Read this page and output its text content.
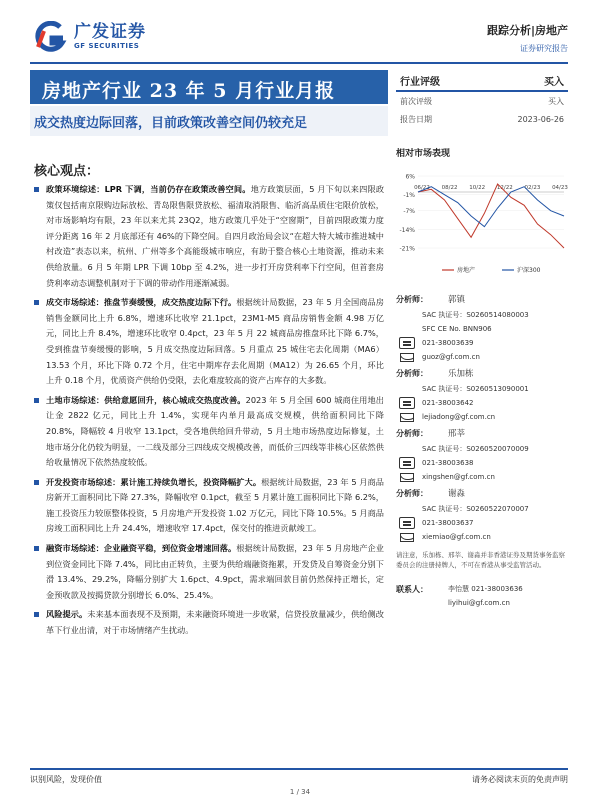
广发证券
GF SECURITIES
跟踪分析|房地产
证券研究报告
房地产行业 23 年 5 月行业月报
成交热度边际回落，目前政策改善空间仍较充足
行业评级	买入
前次评级	买入
报告日期	2023-06-26
核心观点：

政策环境综述：LPR 下调，当前仍存在政策改善空间。地方政策层面，5 月下旬以来四限政策仅包括南京限购边际放松、青岛限售限贷放松、福清取消限售、临沂高品质住宅限价放松，对市场影响均有限，23 年以来尤其 23Q2，地方政策几乎处于“空窗期”，目前四限政策力度评分距离 16 年 2 月底部还有 46%的下降空间。自四月政治局会议“在超大特大城市推进城中村改造”表态以来，杭州、广州等多个高能级城市响应，有助于整合核心土地资源，推动未来供给放量。6 月 5 年期 LPR 下调 10bp 至 4.2%，进一步打开房贷利率下行空间，但首套房贷利率动态调整机制对于下调的带动作用逐渐减弱。

成交市场综述：推盘节奏缓慢，成交热度边际下行。根据统计局数据，23 年 5 月全国商品房销售金额同比上升 6.8%，增速环比收窄 21.1pct，23M1-M5 商品房销售金额 4.98 万亿元，同比上升 8.4%，增速环比收窄 0.4pct，23 年 5 月 22 城商品房推盘环比下降 6.7%，受到推盘节奏缓慢的影响，5 月成交热度边际回落。5 月重点 25 城住宅去化周期（MA6）13.53 个月，环比下降 0.72 个月，住宅中期库存去化周期（MA12）为 26.65 个月，环比上升 0.18 个月，优质资产供给仍受限，去化难度较高的资产占库存的大多数。

土地市场综述：供给意愿回升，核心城成交热度改善。2023 年 5 月全国 600 城商住用地出让金 2822 亿元，同比上升 1.4%，实现年内单月最高成交规模，供给面积同比下降 20.8%，降幅较 4 月收窄 13.1pct，受各地供给回升带动，5 月土地市场热度边际修复，土地市场分化仍较为明显，一二线及部分三四线成交规模改善，而低价三四线等非核心区依然供给收量情况下依然热度较低。

开发投资市场综述：累计施工持续负增长，投资降幅扩大。根据统计局数据，23 年 5 月商品房新开工面积同比下降 27.3%，降幅收窄 0.1pct，截至 5 月累计施工面积同比下降 6.2%，施工投资压力较原整体投资，5 月房地产开发投资 1.02 万亿元，同比下降 10.5%。5 月商品房竣工面积同比上升 24.4%，增速收窄 17.4pct，保交付的推进贡献竣工。

融资市场综述：企业融资平稳，到位资金增速回落。根据统计局数据，23 年 5 月房地产企业到位资金同比下降 7.4%，同比由正转负，主要为供给端融资拖累，开发贷及自筹资金分别下滑 13.4%、29.2%，降幅分别扩大 1.6pct、4.9pct，需求端回款目前仍然保持正增长，定金预收款及按揭贷款分别增长 6.0%、25.4%。

风险提示。未来基本面表现不及预期，未来融资环境进一步收紧，信贷投放量减少，供给侧改革下行业出清，对于市场情绪产生扰动。

相对市场表现
6%
-1%
-7%
-14%
-21%
06/22 08/22 10/22 12/22 02/23 04/23
房地产	沪深300
分析师：	郭镇
SAC 执证号：S0260514080003
SFC CE No. BNN906
021-38003639
guoz@gf.com.cn
分析师：	乐加栋
SAC 执证号：S0260513090001
021-38003642
lejiadong@gf.com.cn
分析师：	邢莘
SAC 执证号：S0260520070009
021-38003638
xingshen@gf.com.cn
分析师：	谢淼
SAC 执证号：S0260522070007
021-38003637
xiemiao@gf.com.cn
请注意，乐加栋、邢莘、谢淼并非香港证券及期货事务监察委员会的注册持牌人，不可在香港从事受监管活动。
联系人：	李怡慧
021-38003636
liyihui@gf.com.cn
识别风险，发现价值	请务必阅读末页的免责声明
1 / 34
